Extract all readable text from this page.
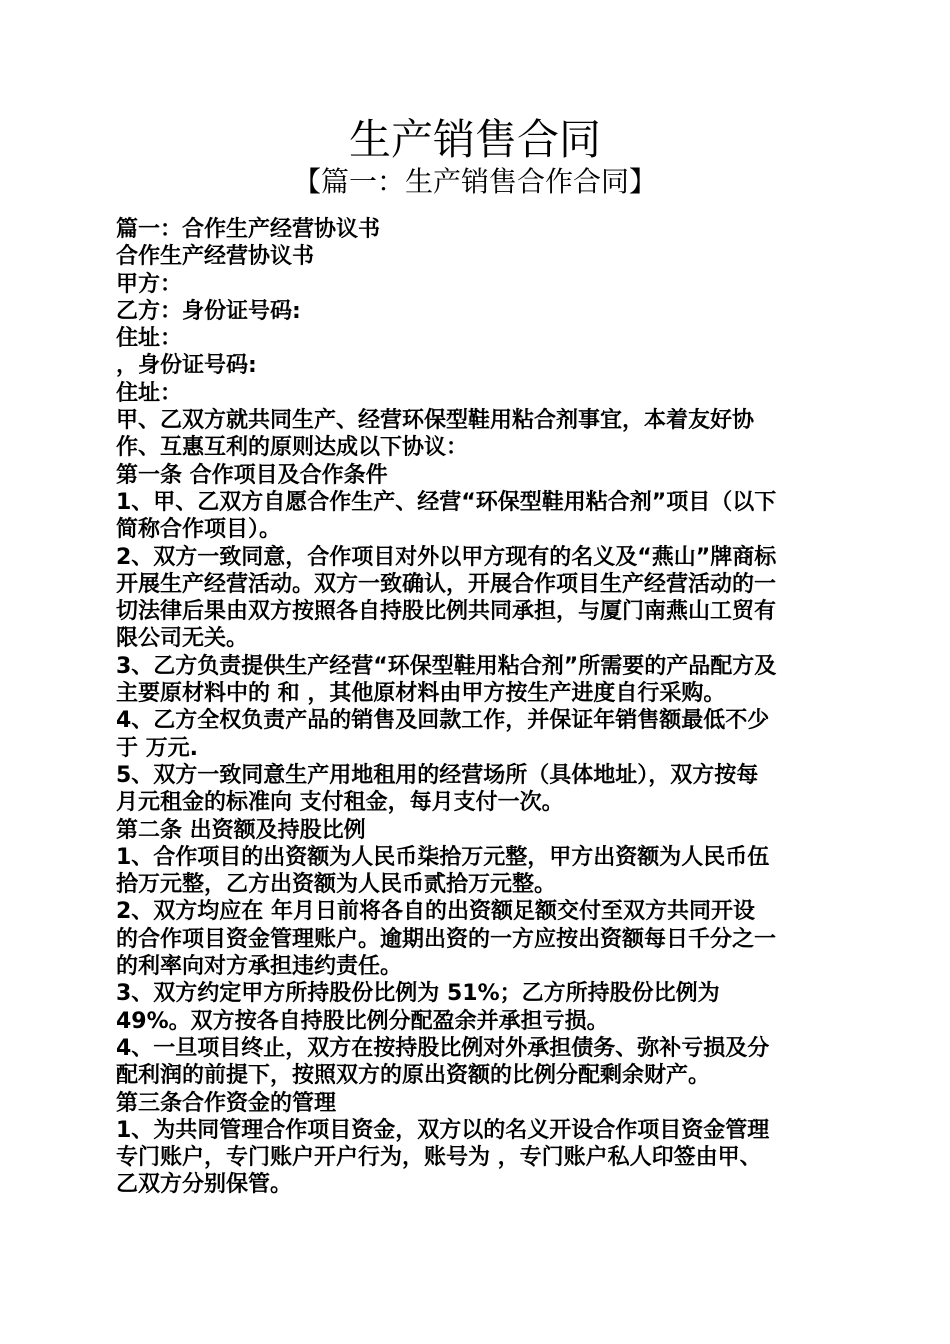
生产销售合同
【篇一：生产销售合作合同】
篇一：合作生产经营协议书
合作生产经营协议书
甲方：
乙方：身份证号码:
住址：
，身份证号码:
住址：
甲、乙双方就共同生产、经营环保型鞋用粘合剂事宜，本着友好协
作、互惠互利的原则达成以下协议：
第一条 合作项目及合作条件
1、甲、乙双方自愿合作生产、经营“环保型鞋用粘合剂”项目（以下
简称合作项目）。
2、双方一致同意，合作项目对外以甲方现有的名义及“燕山”牌商标
开展生产经营活动。双方一致确认，开展合作项目生产经营活动的一
切法律后果由双方按照各自持股比例共同承担，与厦门南燕山工贸有
限公司无关。
3、乙方负责提供生产经营“环保型鞋用粘合剂”所需要的产品配方及
主要原材料中的 和 ，其他原材料由甲方按生产进度自行采购。
4、乙方全权负责产品的销售及回款工作，并保证年销售额最低不少
于 万元.
5、双方一致同意生产用地租用的经营场所（具体地址），双方按每
月元租金的标准向 支付租金，每月支付一次。
第二条 出资额及持股比例
1、合作项目的出资额为人民币柒拾万元整，甲方出资额为人民币伍
拾万元整，乙方出资额为人民币贰拾万元整。
2、双方均应在 年月日前将各自的出资额足额交付至双方共同开设
的合作项目资金管理账户。逾期出资的一方应按出资额每日千分之一
的利率向对方承担违约责任。
3、双方约定甲方所持股份比例为 51%；乙方所持股份比例为
49%。双方按各自持股比例分配盈余并承担亏损。
4、一旦项目终止，双方在按持股比例对外承担债务、弥补亏损及分
配利润的前提下，按照双方的原出资额的比例分配剩余财产。
第三条合作资金的管理
1、为共同管理合作项目资金，双方以的名义开设合作项目资金管理
专门账户，专门账户开户行为，账号为 ，专门账户私人印签由甲、
乙双方分别保管。
